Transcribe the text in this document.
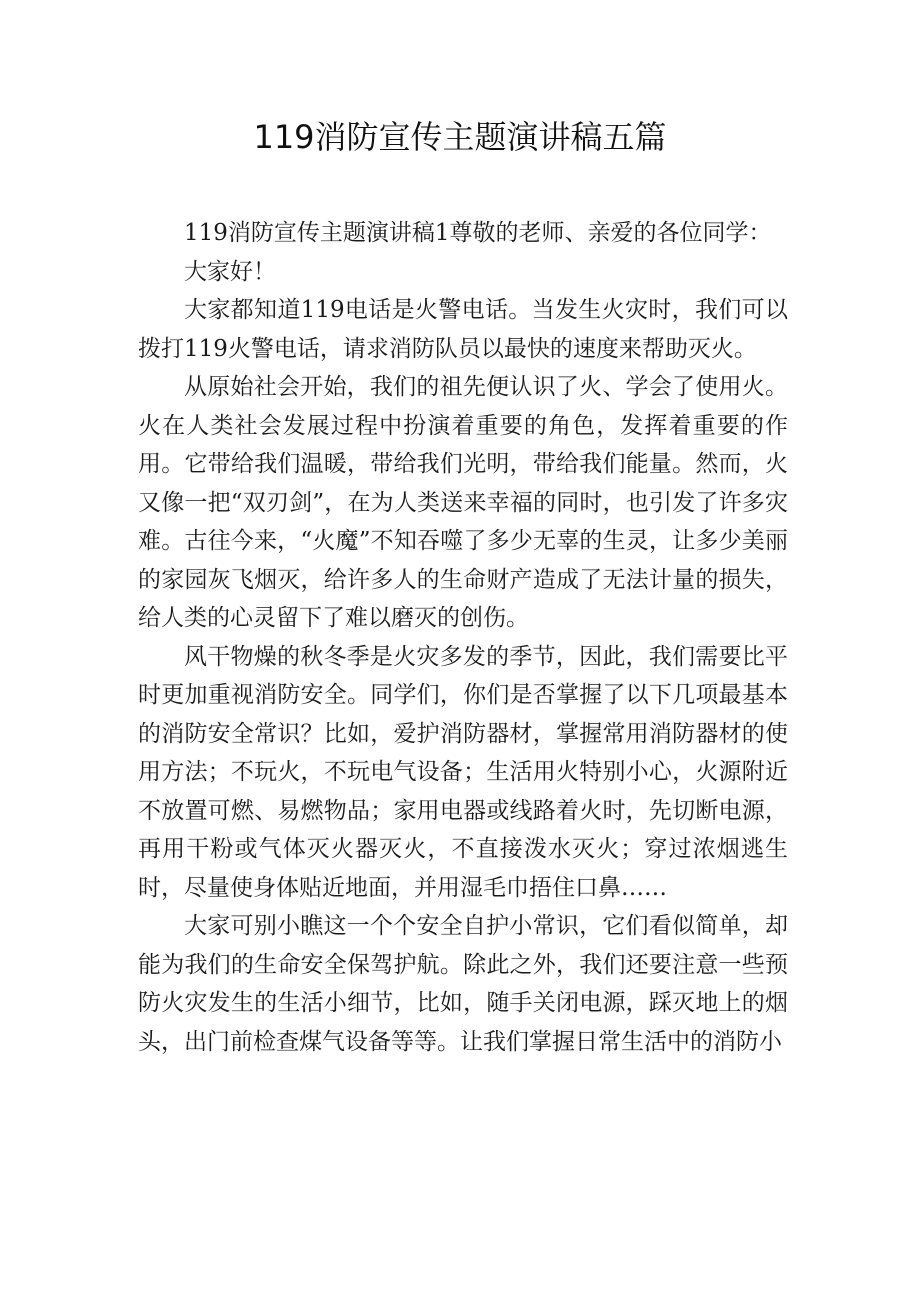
119消防宣传主题演讲稿五篇

119消防宣传主题演讲稿1尊敬的老师、亲爱的各位同学：

大家好！

大家都知道119电话是火警电话。当发生火灾时，我们可以拨打119火警电话，请求消防队员以最快的速度来帮助灭火。

从原始社会开始，我们的祖先便认识了火、学会了使用火。火在人类社会发展过程中扮演着重要的角色，发挥着重要的作用。它带给我们温暖，带给我们光明，带给我们能量。然而，火又像一把“双刃剑”，在为人类送来幸福的同时，也引发了许多灾难。古往今来，“火魔”不知吞噬了多少无辜的生灵，让多少美丽的家园灰飞烟灭，给许多人的生命财产造成了无法计量的损失，给人类的心灵留下了难以磨灭的创伤。

风干物燥的秋冬季是火灾多发的季节，因此，我们需要比平时更加重视消防安全。同学们，你们是否掌握了以下几项最基本的消防安全常识？比如，爱护消防器材，掌握常用消防器材的使用方法；不玩火，不玩电气设备；生活用火特别小心，火源附近不放置可燃、易燃物品；家用电器或线路着火时，先切断电源，再用干粉或气体灭火器灭火，不直接泼水灭火；穿过浓烟逃生时，尽量使身体贴近地面，并用湿毛巾捂住口鼻……

大家可别小瞧这一个个安全自护小常识，它们看似简单，却能为我们的生命安全保驾护航。除此之外，我们还要注意一些预防火灾发生的生活小细节，比如，随手关闭电源，踩灭地上的烟头，出门前检查煤气设备等等。让我们掌握日常生活中的消防小
